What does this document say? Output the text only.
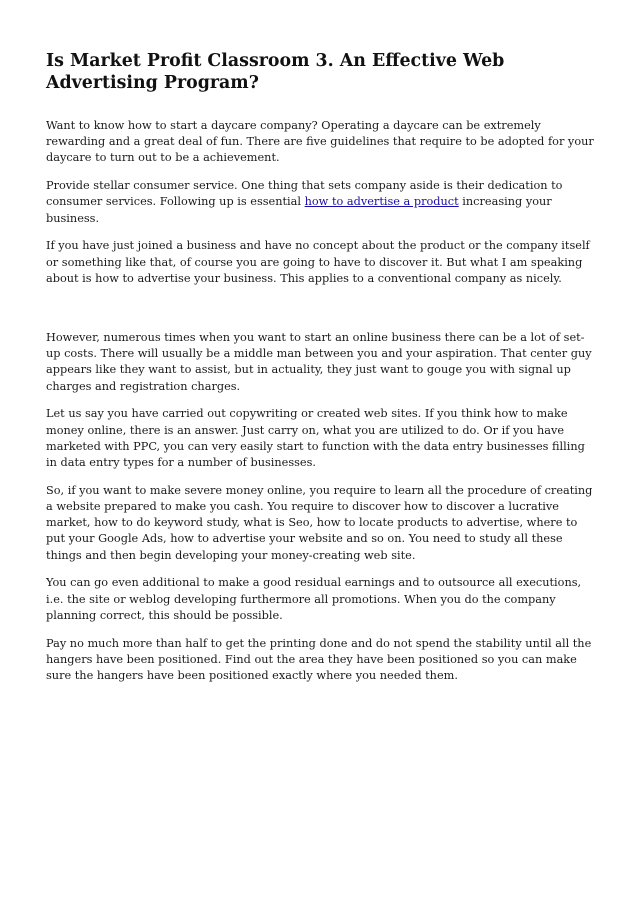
Is Market Profit Classroom 3. An Effective Web Advertising Program?

Want to know how to start a daycare company? Operating a daycare can be extremely rewarding and a great deal of fun. There are five guidelines that require to be adopted for your daycare to turn out to be a achievement.

Provide stellar consumer service. One thing that sets company aside is their dedication to consumer services. Following up is essential how to advertise a product increasing your business.

If you have just joined a business and have no concept about the product or the company itself or something like that, of course you are going to have to discover it. But what I am speaking about is how to advertise your business. This applies to a conventional company as nicely.

However, numerous times when you want to start an online business there can be a lot of set-up costs. There will usually be a middle man between you and your aspiration. That center guy appears like they want to assist, but in actuality, they just want to gouge you with signal up charges and registration charges.

Let us say you have carried out copywriting or created web sites. If you think how to make money online, there is an answer. Just carry on, what you are utilized to do. Or if you have marketed with PPC, you can very easily start to function with the data entry businesses filling in data entry types for a number of businesses.

So, if you want to make severe money online, you require to learn all the procedure of creating a website prepared to make you cash. You require to discover how to discover a lucrative market, how to do keyword study, what is Seo, how to locate products to advertise, where to put your Google Ads, how to advertise your website and so on. You need to study all these things and then begin developing your money-creating web site.

You can go even additional to make a good residual earnings and to outsource all executions, i.e. the site or weblog developing furthermore all promotions. When you do the company planning correct, this should be possible.

Pay no much more than half to get the printing done and do not spend the stability until all the hangers have been positioned. Find out the area they have been positioned so you can make sure the hangers have been positioned exactly where you needed them.
